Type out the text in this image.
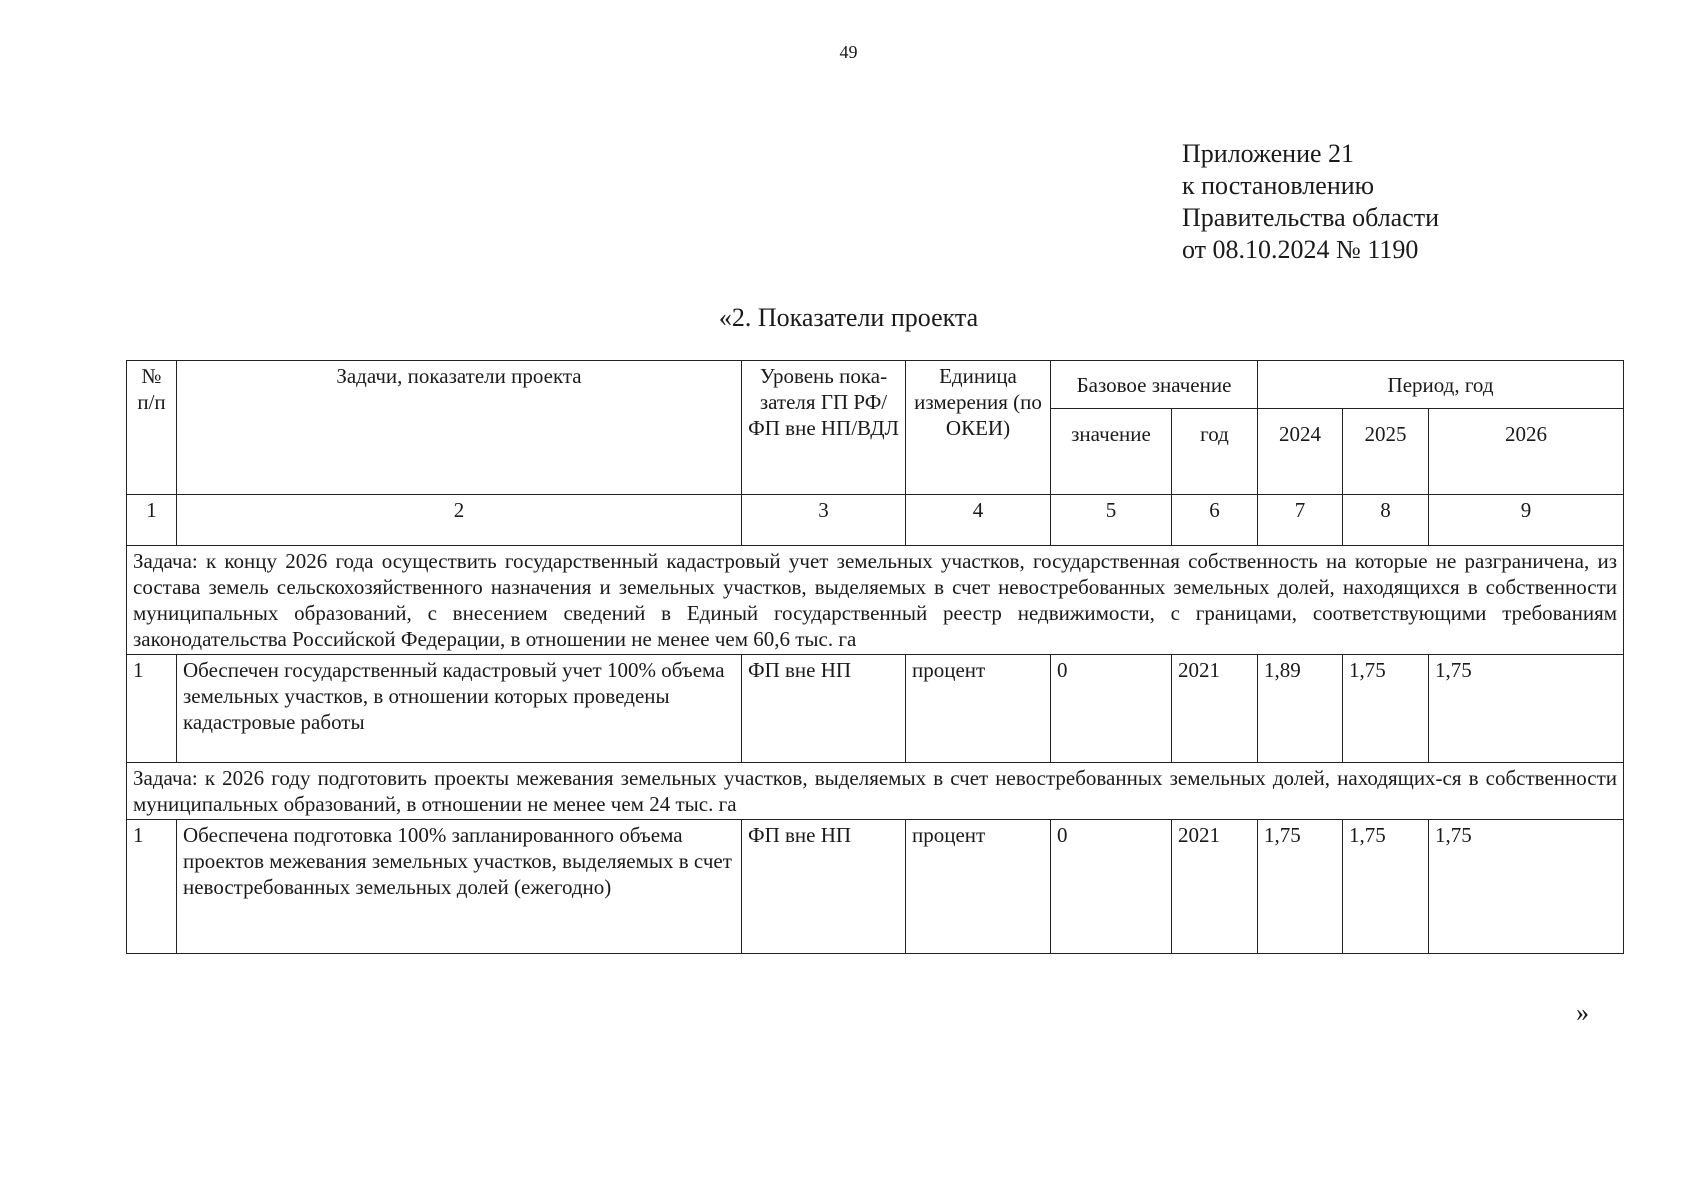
49
Приложение 21
к постановлению
Правительства области
от 08.10.2024 № 1190
«2. Показатели проекта
№ п/п	Задачи, показатели проекта	Уровень пока-зателя ГП РФ/ФП вне НП/ВДЛ	Единица измерения (по ОКЕИ)	Базовое значение		Период, год		
				значение	год	2024	2025	2026
1	2	3	4	5	6	7	8	9
Задача: к концу 2026 года осуществить государственный кадастровый учет земельных участков, государственная собственность на которые не разграничена, из состава земель сельскохозяйственного назначения и земельных участков, выделяемых в счет невостребованных земельных долей, находящихся в собственности муниципальных образований, с внесением сведений в Единый государственный реестр недвижимости, с границами, соответствующими требованиям законодательства Российской Федерации, в отношении не менее чем 60,6 тыс. га								
1	Обеспечен государственный кадастровый учет 100% объема земельных участков, в отношении которых проведены кадастровые работы	ФП вне НП	процент	0	2021	1,89	1,75	1,75
Задача: к 2026 году подготовить проекты межевания земельных участков, выделяемых в счет невостребованных земельных долей, находящих-ся в собственности муниципальных образований, в отношении не менее чем 24 тыс. га								
1	Обеспечена подготовка 100% запланированного объема проектов межевания земельных участков, выделяемых в счет невостребованных земельных долей (ежегодно)	ФП вне НП	процент	0	2021	1,75	1,75	1,75
»
